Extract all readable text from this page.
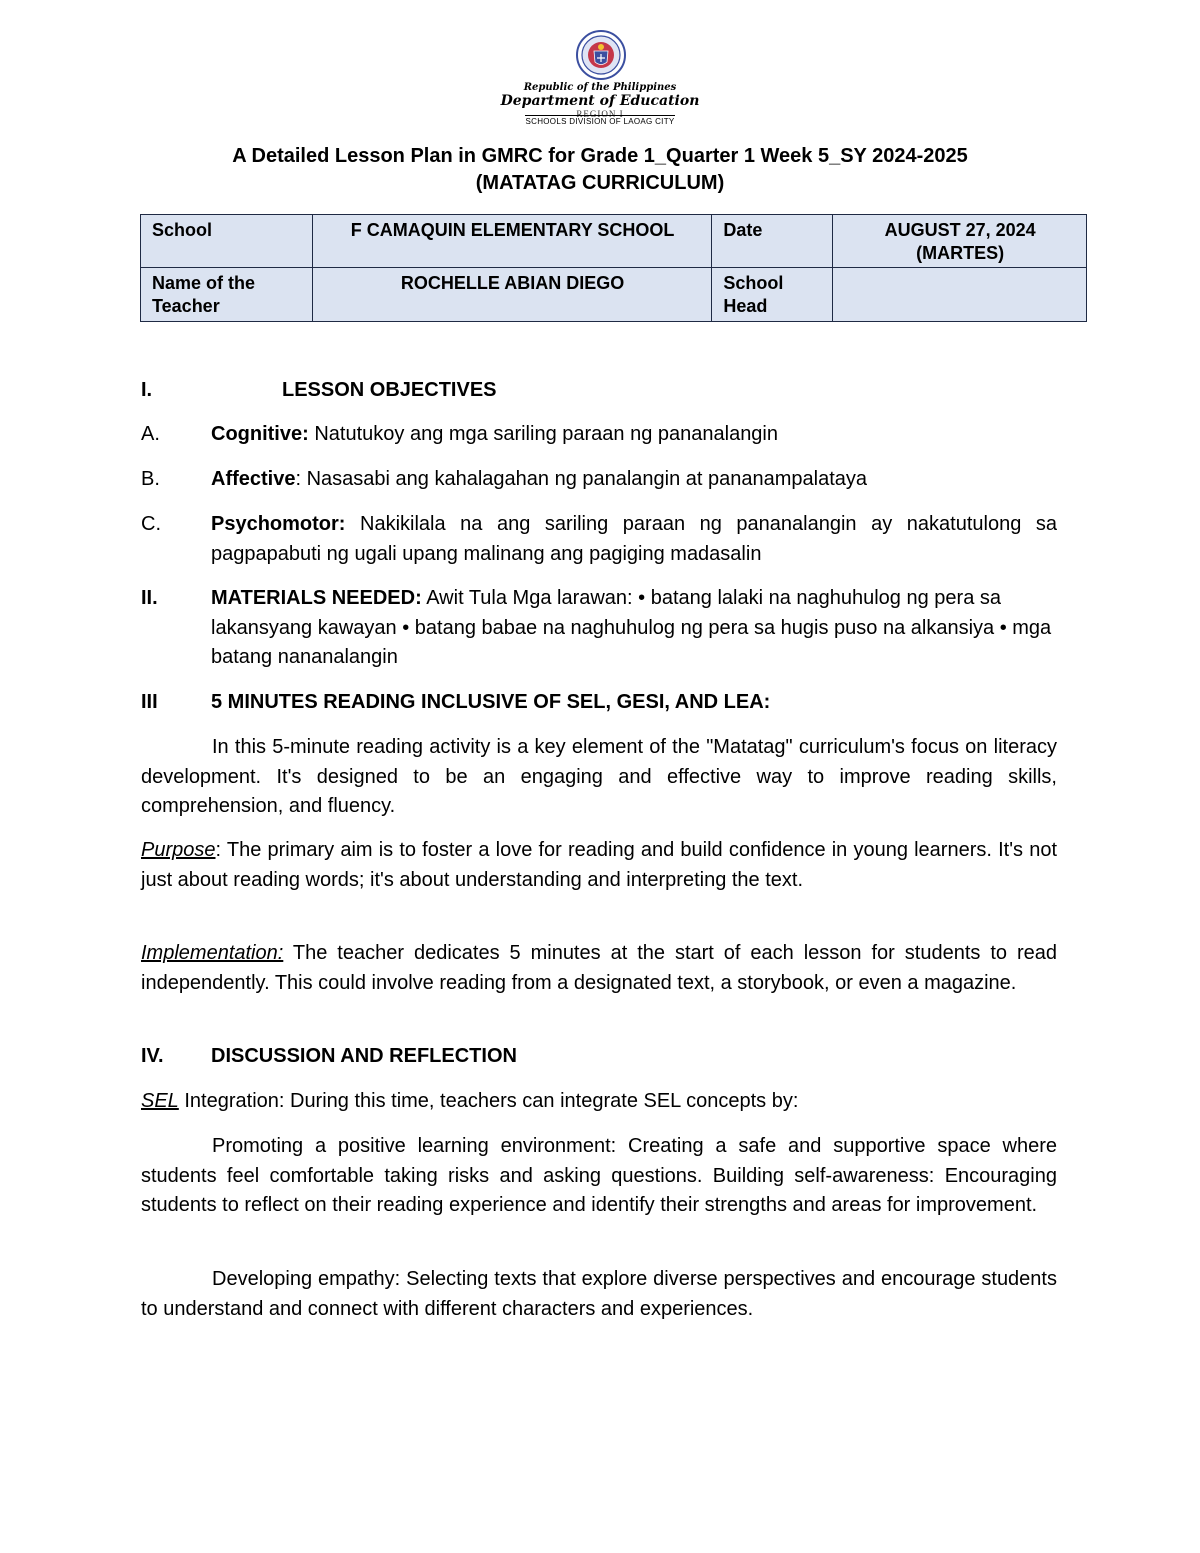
Republic of the Philippines
Department of Education
REGION I
SCHOOLS DIVISION OF LAOAG CITY
A Detailed Lesson Plan in GMRC for Grade 1_Quarter 1 Week 5_SY 2024-2025
(MATATAG CURRICULUM)
School	F CAMAQUIN ELEMENTARY SCHOOL	Date	AUGUST 27, 2024 (MARTES)
Name of the Teacher	ROCHELLE ABIAN DIEGO	School Head	
I.	LESSON OBJECTIVES
A.	Cognitive: Natutukoy ang mga sariling paraan ng pananalangin
B.	Affective: Nasasabi ang kahalagahan ng panalangin at pananampalataya
C.	Psychomotor: Nakikilala na ang sariling paraan ng pananalangin ay nakatutulong sa pagpapabuti ng ugali upang malinang ang pagiging madasalin
II.	MATERIALS NEEDED: Awit Tula Mga larawan: • batang lalaki na naghuhulog ng pera sa lakansyang kawayan • batang babae na naghuhulog ng pera sa hugis puso na alkansiya • mga batang nananalangin
III	5 MINUTES READING INCLUSIVE OF SEL, GESI, AND LEA:
In this 5-minute reading activity is a key element of the "Matatag" curriculum's focus on literacy development. It's designed to be an engaging and effective way to improve reading skills, comprehension, and fluency.
Purpose: The primary aim is to foster a love for reading and build confidence in young learners. It's not just about reading words; it's about understanding and interpreting the text.
Implementation: The teacher dedicates 5 minutes at the start of each lesson for students to read independently. This could involve reading from a designated text, a storybook, or even a magazine.
IV. DISCUSSION AND REFLECTION
SEL Integration: During this time, teachers can integrate SEL concepts by:
Promoting a positive learning environment: Creating a safe and supportive space where students feel comfortable taking risks and asking questions. Building self-awareness: Encouraging students to reflect on their reading experience and identify their strengths and areas for improvement.
Developing empathy: Selecting texts that explore diverse perspectives and encourage students to understand and connect with different characters and experiences.
